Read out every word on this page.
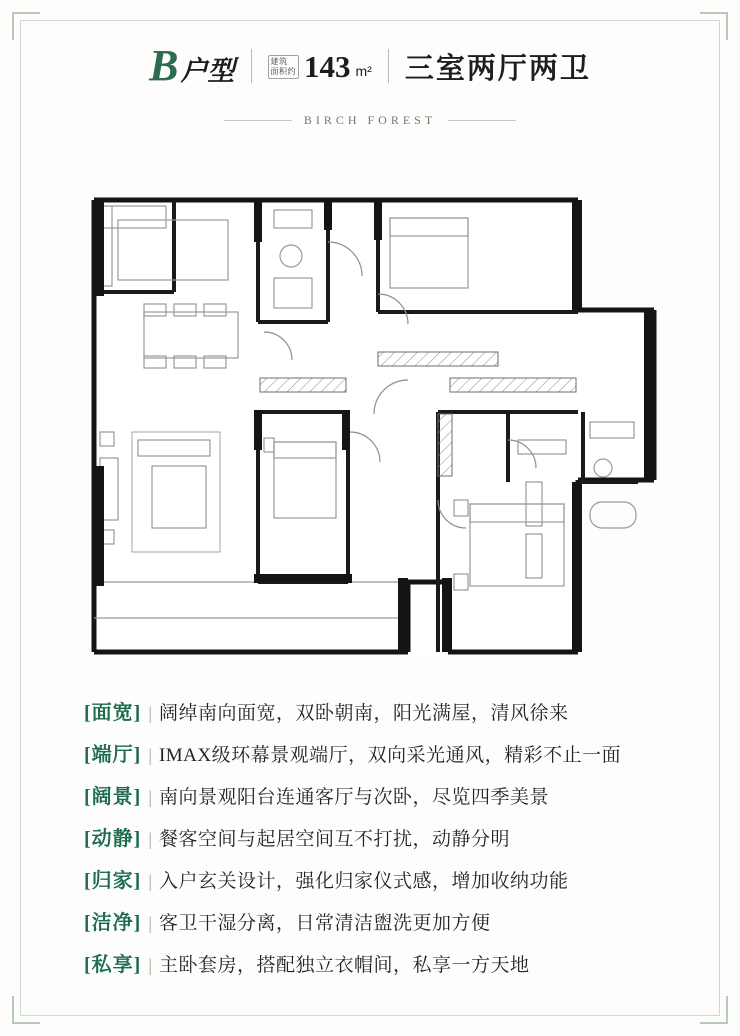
B 户型	建筑
面积约 143 m² 三室两厅两卫
BIRCH FOREST
[面宽] | 阔绰南向面宽，双卧朝南，阳光满屋，清风徐来
[端厅] | IMAX级环幕景观端厅，双向采光通风，精彩不止一面
[阔景] | 南向景观阳台连通客厅与次卧，尽览四季美景
[动静] | 餐客空间与起居空间互不打扰，动静分明
[归家] | 入户玄关设计，强化归家仪式感，增加收纳功能
[洁净] | 客卫干湿分离，日常清洁盥洗更加方便
[私享] | 主卧套房，搭配独立衣帽间，私享一方天地
